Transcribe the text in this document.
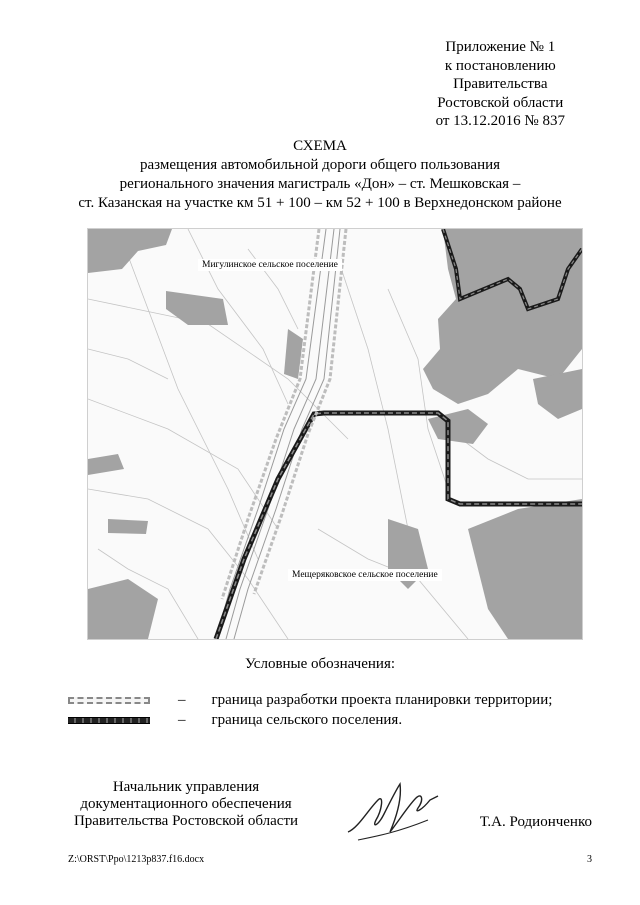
Приложение № 1
к постановлению
Правительства
Ростовской области
от 13.12.2016 № 837
СХЕМА
размещения автомобильной дороги общего пользования
регионального значения магистраль «Дон» – ст. Мешковская –
ст. Казанская на участке км 51 + 100 – км 52 + 100 в Верхнедонском районе
Мигулинское сельское поселение
Мещеряковское сельское поселение
Условные обозначения:
– граница разработки проекта планировки территории;
– граница сельского поселения.
Начальник управления
документационного обеспечения
Правительства Ростовской области	Т.А. Родионченко
Z:\ORST\Ppo\1213p837.f16.docx	3
